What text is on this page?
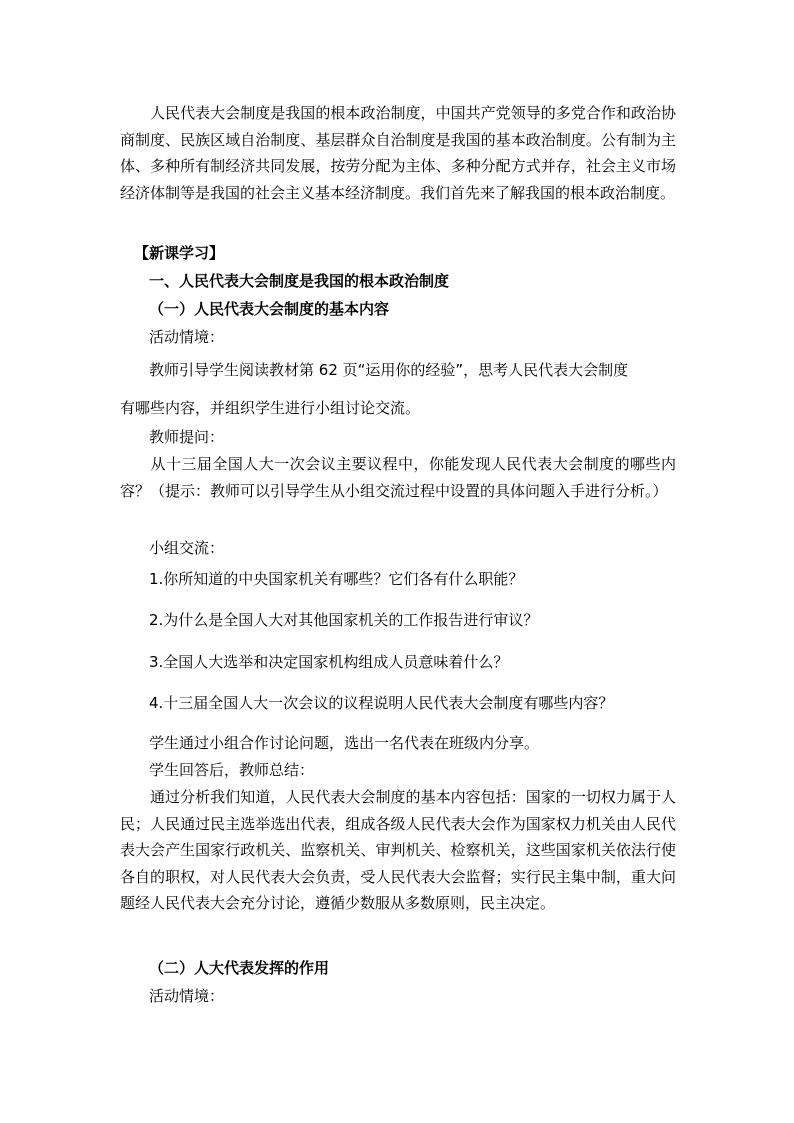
人民代表大会制度是我国的根本政治制度，中国共产党领导的多党合作和政治协商制度、民族区域自治制度、基层群众自治制度是我国的基本政治制度。公有制为主体、多种所有制经济共同发展，按劳分配为主体、多种分配方式并存，社会主义市场经济体制等是我国的社会主义基本经济制度。我们首先来了解我国的根本政治制度。

【新课学习】
一、人民代表大会制度是我国的根本政治制度
（一）人民代表大会制度的基本内容
活动情境：
教师引导学生阅读教材第 62 页“运用你的经验”，思考人民代表大会制度
有哪些内容，并组织学生进行小组讨论交流。
教师提问：

从十三届全国人大一次会议主要议程中，你能发现人民代表大会制度的哪些内容？（提示：教师可以引导学生从小组交流过程中设置的具体问题入手进行分析。）

小组交流：
1.你所知道的中央国家机关有哪些？它们各有什么职能？
2.为什么是全国人大对其他国家机关的工作报告进行审议？
3.全国人大选举和决定国家机构组成人员意味着什么？
4.十三届全国人大一次会议的议程说明人民代表大会制度有哪些内容？
学生通过小组合作讨论问题，选出一名代表在班级内分享。
学生回答后，教师总结：

通过分析我们知道，人民代表大会制度的基本内容包括：国家的一切权力属于人民；人民通过民主选举选出代表，组成各级人民代表大会作为国家权力机关由人民代表大会产生国家行政机关、监察机关、审判机关、检察机关，这些国家机关依法行使各自的职权，对人民代表大会负责，受人民代表大会监督；实行民主集中制，重大问题经人民代表大会充分讨论，遵循少数服从多数原则，民主决定。

（二）人大代表发挥的作用
活动情境：
